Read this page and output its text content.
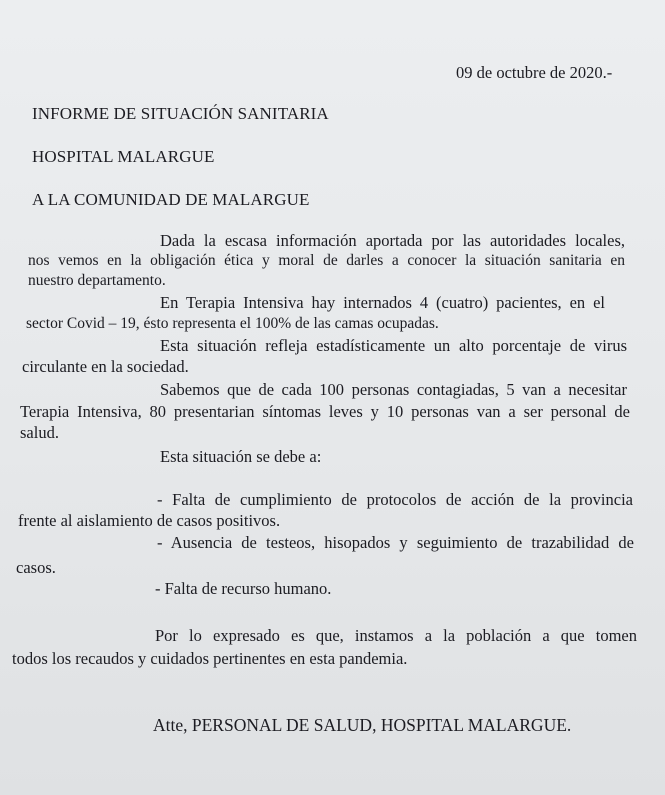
09 de octubre de 2020.-
INFORME DE SITUACIÓN SANITARIA
HOSPITAL MALARGUE
A LA COMUNIDAD DE MALARGUE
Dada la escasa información aportada por las autoridades locales,
nos vemos en la obligación ética y moral de darles a conocer la situación sanitaria en
nuestro departamento.
En Terapia Intensiva hay internados 4 (cuatro) pacientes, en el
sector Covid – 19, ésto representa el 100% de las camas ocupadas.
Esta situación refleja estadísticamente un alto porcentaje de virus
circulante en la sociedad.
Sabemos que de cada 100 personas contagiadas, 5 van a necesitar
Terapia Intensiva, 80 presentarian síntomas leves y 10 personas van a ser personal de
salud.
Esta situación se debe a:
- Falta de cumplimiento de protocolos de acción de la provincia
frente al aislamiento de casos positivos.
- Ausencia de testeos, hisopados y seguimiento de trazabilidad de
casos.
- Falta de recurso humano.
Por lo expresado es que, instamos a la población a que tomen
todos los recaudos y cuidados pertinentes en esta pandemia.
Atte, PERSONAL DE SALUD, HOSPITAL MALARGUE.
